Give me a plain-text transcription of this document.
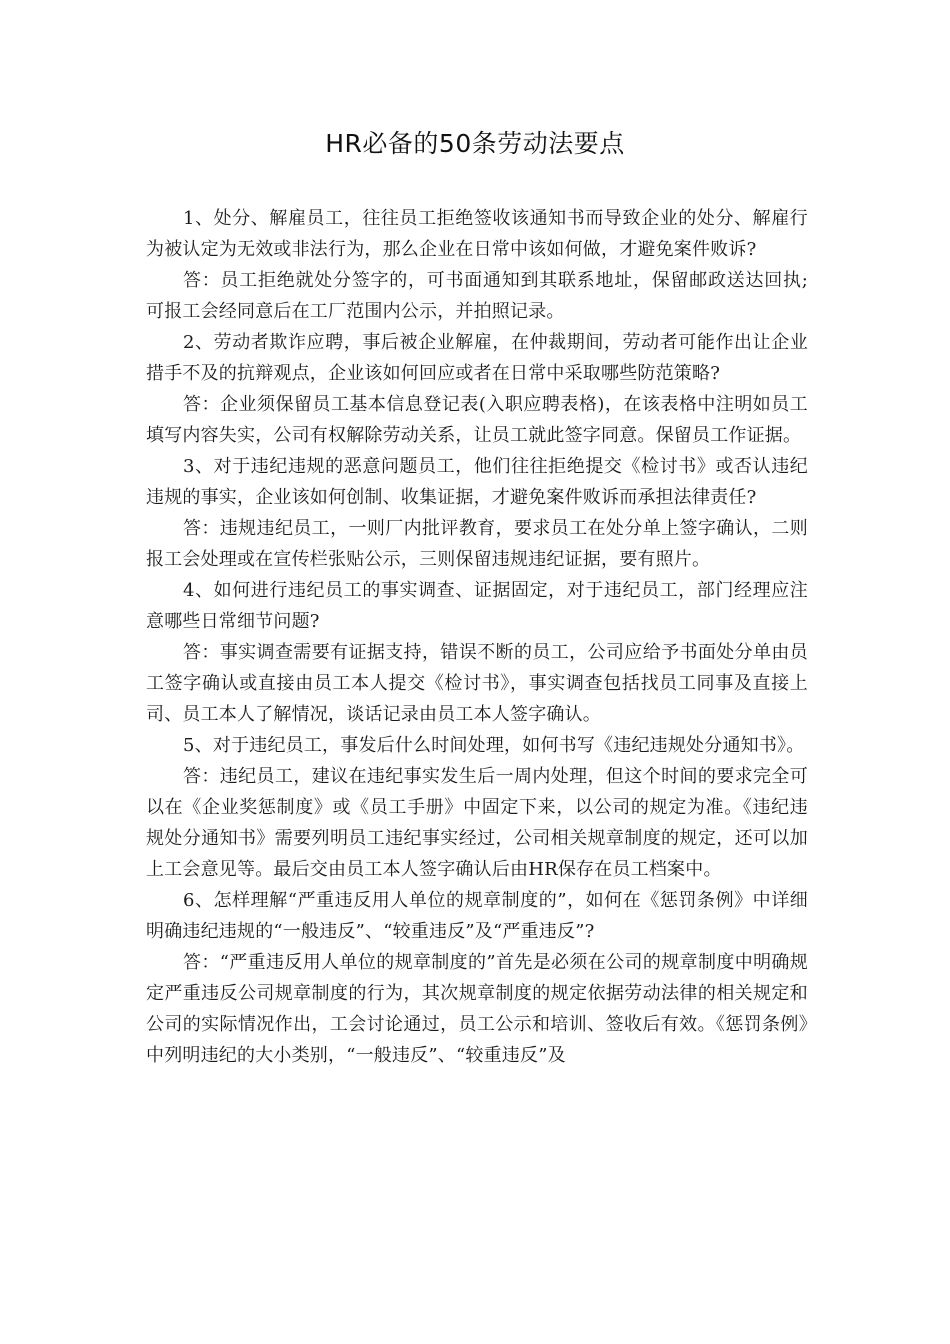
HR必备的50条劳动法要点

1、处分、解雇员工，往往员工拒绝签收该通知书而导致企业的处分、解雇行为被认定为无效或非法行为，那么企业在日常中该如何做，才避免案件败诉?

答：员工拒绝就处分签字的，可书面通知到其联系地址，保留邮政送达回执;可报工会经同意后在工厂范围内公示，并拍照记录。

2、劳动者欺诈应聘，事后被企业解雇，在仲裁期间，劳动者可能作出让企业措手不及的抗辩观点，企业该如何回应或者在日常中采取哪些防范策略?

答：企业须保留员工基本信息登记表(入职应聘表格)，在该表格中注明如员工填写内容失实，公司有权解除劳动关系，让员工就此签字同意。保留员工作证据。

3、对于违纪违规的恶意问题员工，他们往往拒绝提交《检讨书》或否认违纪违规的事实，企业该如何创制、收集证据，才避免案件败诉而承担法律责任?

答：违规违纪员工，一则厂内批评教育，要求员工在处分单上签字确认，二则报工会处理或在宣传栏张贴公示，三则保留违规违纪证据，要有照片。

4、如何进行违纪员工的事实调查、证据固定，对于违纪员工，部门经理应注意哪些日常细节问题?

答：事实调查需要有证据支持，错误不断的员工，公司应给予书面处分单由员工签字确认或直接由员工本人提交《检讨书》，事实调查包括找员工同事及直接上司、员工本人了解情况，谈话记录由员工本人签字确认。

5、对于违纪员工，事发后什么时间处理，如何书写《违纪违规处分通知书》。

答：违纪员工，建议在违纪事实发生后一周内处理，但这个时间的要求完全可以在《企业奖惩制度》或《员工手册》中固定下来，以公司的规定为准。《违纪违规处分通知书》需要列明员工违纪事实经过，公司相关规章制度的规定，还可以加上工会意见等。最后交由员工本人签字确认后由HR保存在员工档案中。

6、怎样理解“严重违反用人单位的规章制度的”，如何在《惩罚条例》中详细明确违纪违规的“一般违反”、“较重违反”及“严重违反”?

答：“严重违反用人单位的规章制度的”首先是必须在公司的规章制度中明确规定严重违反公司规章制度的行为，其次规章制度的规定依据劳动法律的相关规定和公司的实际情况作出，工会讨论通过，员工公示和培训、签收后有效。《惩罚条例》中列明违纪的大小类别，“一般违反”、“较重违反”及
